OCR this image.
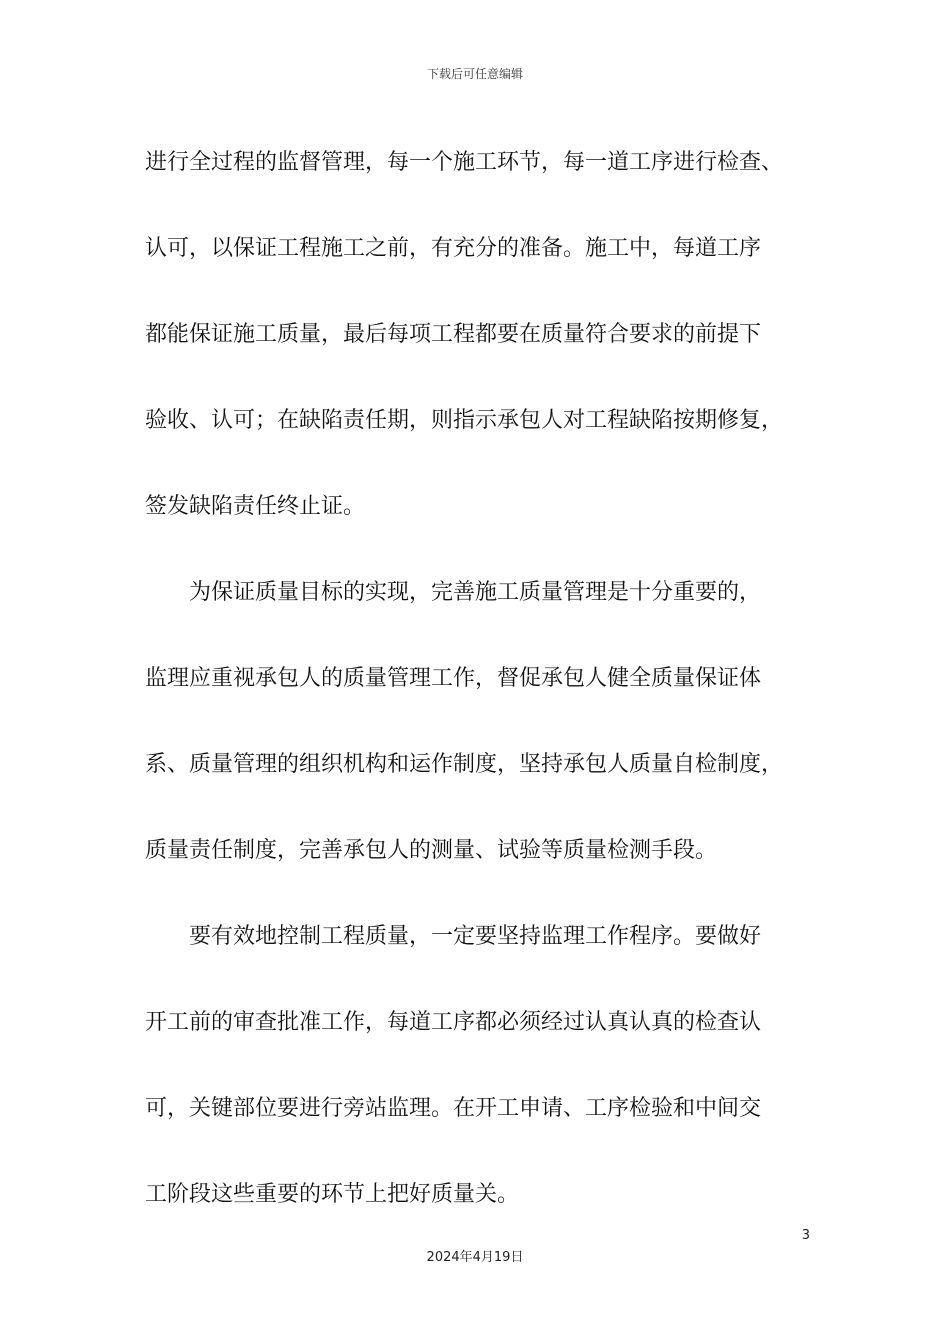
下载后可任意编辑
进行全过程的监督管理，每一个施工环节，每一道工序进行检查、
认可，以保证工程施工之前，有充分的准备。施工中，每道工序
都能保证施工质量，最后每项工程都要在质量符合要求的前提下
验收、认可；在缺陷责任期，则指示承包人对工程缺陷按期修复，
签发缺陷责任终止证。
为保证质量目标的实现，完善施工质量管理是十分重要的，
监理应重视承包人的质量管理工作，督促承包人健全质量保证体
系、质量管理的组织机构和运作制度，坚持承包人质量自检制度，
质量责任制度，完善承包人的测量、试验等质量检测手段。
要有效地控制工程质量，一定要坚持监理工作程序。要做好
开工前的审查批准工作，每道工序都必须经过认真认真的检查认
可，关键部位要进行旁站监理。在开工申请、工序检验和中间交
工阶段这些重要的环节上把好质量关。
3
2024年4月19日
